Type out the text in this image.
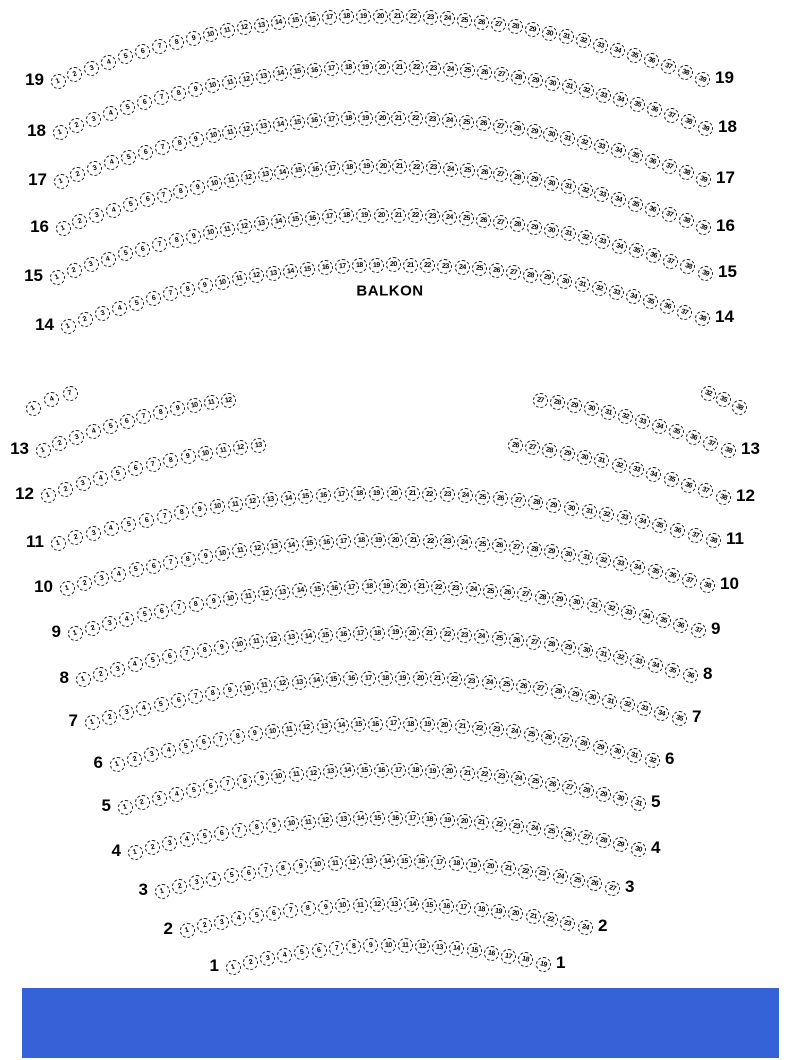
BALKON
1
2
3
4
5
6
7
8
9 10 11 12 13 14 15 16 17 18 19 20 21 22 23 24 25 26 27 28 29 30 31 32
33
34
35
36
37
38
39
19	19
1
2
3
4
5
6
7
8
9 10 11 12 13 14 15 16 17 18 19 20 21 22 23 24 25 26 27 28 29 30 31 32
33
34
35
36
37
38
39
18	18
1
2
3
4
5
6
7
8
9 10 11 12 13 14 15 16 17 18 19 20 21 22 23 24 25 26 27 28 29 30 31 32 33
34
35
36
37
38
39
17	17
1
2
3
4
5
6
7
8
9 10 11 12 13 14 15 16 17 18 19 20 21 22 23 24 25 26 27 28 29 30 31 32 33
34
35
36
37
38
39
16	16
1
2
3
4
5
6
7
8
9 10 11 12 13 14 15 16 17 18 19 20 21 22 23 24 25 26 27 28 29 30 31 32 33
34
35
36
37
38
39
15	15
1
2
3
4
5
6
7
8
9 10 11 12 13 14 15 16 17 18 19 20 21 22 23 24 25 26 27 28 29 30 31 32 33
34
35
36
37
38
14	14
1
4
7	32
35
38
1
2
3
4
5
6
7
8 9 10 11 12	27 28 29 30 31 32
33
34
35
36
37
38
13	13
1
2
3
4
5
6
7
8 9 10 11 12 13	26 27 28 29 30 31 32
33
34
35
36
37
38
12	12
1
2
3
4
5
6 7 8 9 10 11 12 13 14 15 16 17 18 19 20 21 22 23 24 25 26 27 28 29 30 31 32 33 34 35
36
37
38
11	11
1
2
3
4
5
6 7 8 9 10 11 12 13 14 15 16 17 18 19 20 21 22 23 24 25 26 27 28 29 30 31 32 33 34 35 36
37
38
10	10
1
2
3
4
5
6 7 8 9 10 11 12 13 14 15 16 17 18 19 20 21 22 23 24 25 26 27 28 29 30 31 32 33 34 35
36
37
9	9
1
2
3
4
5
6 7 8 9 10 11 12 13 14 15 16 17 18 19 20 21 22 23 24 25 26 27 28 29 30 31 32 33 34
35
36
8	8
1
2
3
4
5 6 7 8 9 10 11 12 13 14 15 16 17 18 19 20 21 22 23 24 25 26 27 28 29 30 31 32 33
34
35
7	7
1
2
3
4
5 6 7 8 9 10 11 12 13 14 15 16 17 18 19 20 21 22 23 24 25 26 27 28 29 30
31
32
6	6
1
2
3
4 5 6 7 8 9 10 11 12 13 14 15 16 17 18 19 20 21 22 23 24 25 26 27 28 29 30
31
5	5
1
2
3 4 5 6 7 8 9 10 11 12 13 14 15 16 17 18 19 20 21 22 23 24 25 26 27 28 29 30
4	4
1
2
3 4 5 6 7 8 9 10 11 12 13 14 15 16 17 18 19 20 21 22 23 24 25 26 27
3	3
1
2 3 4 5 6 7 8 9 10 11 12 13 14 15 16 17 18 19 20 21 22 23 24
2	2
1
2
3 4 5 6 7 8 9 10 11 12 13 14 15 16 17 18 19
1	1
